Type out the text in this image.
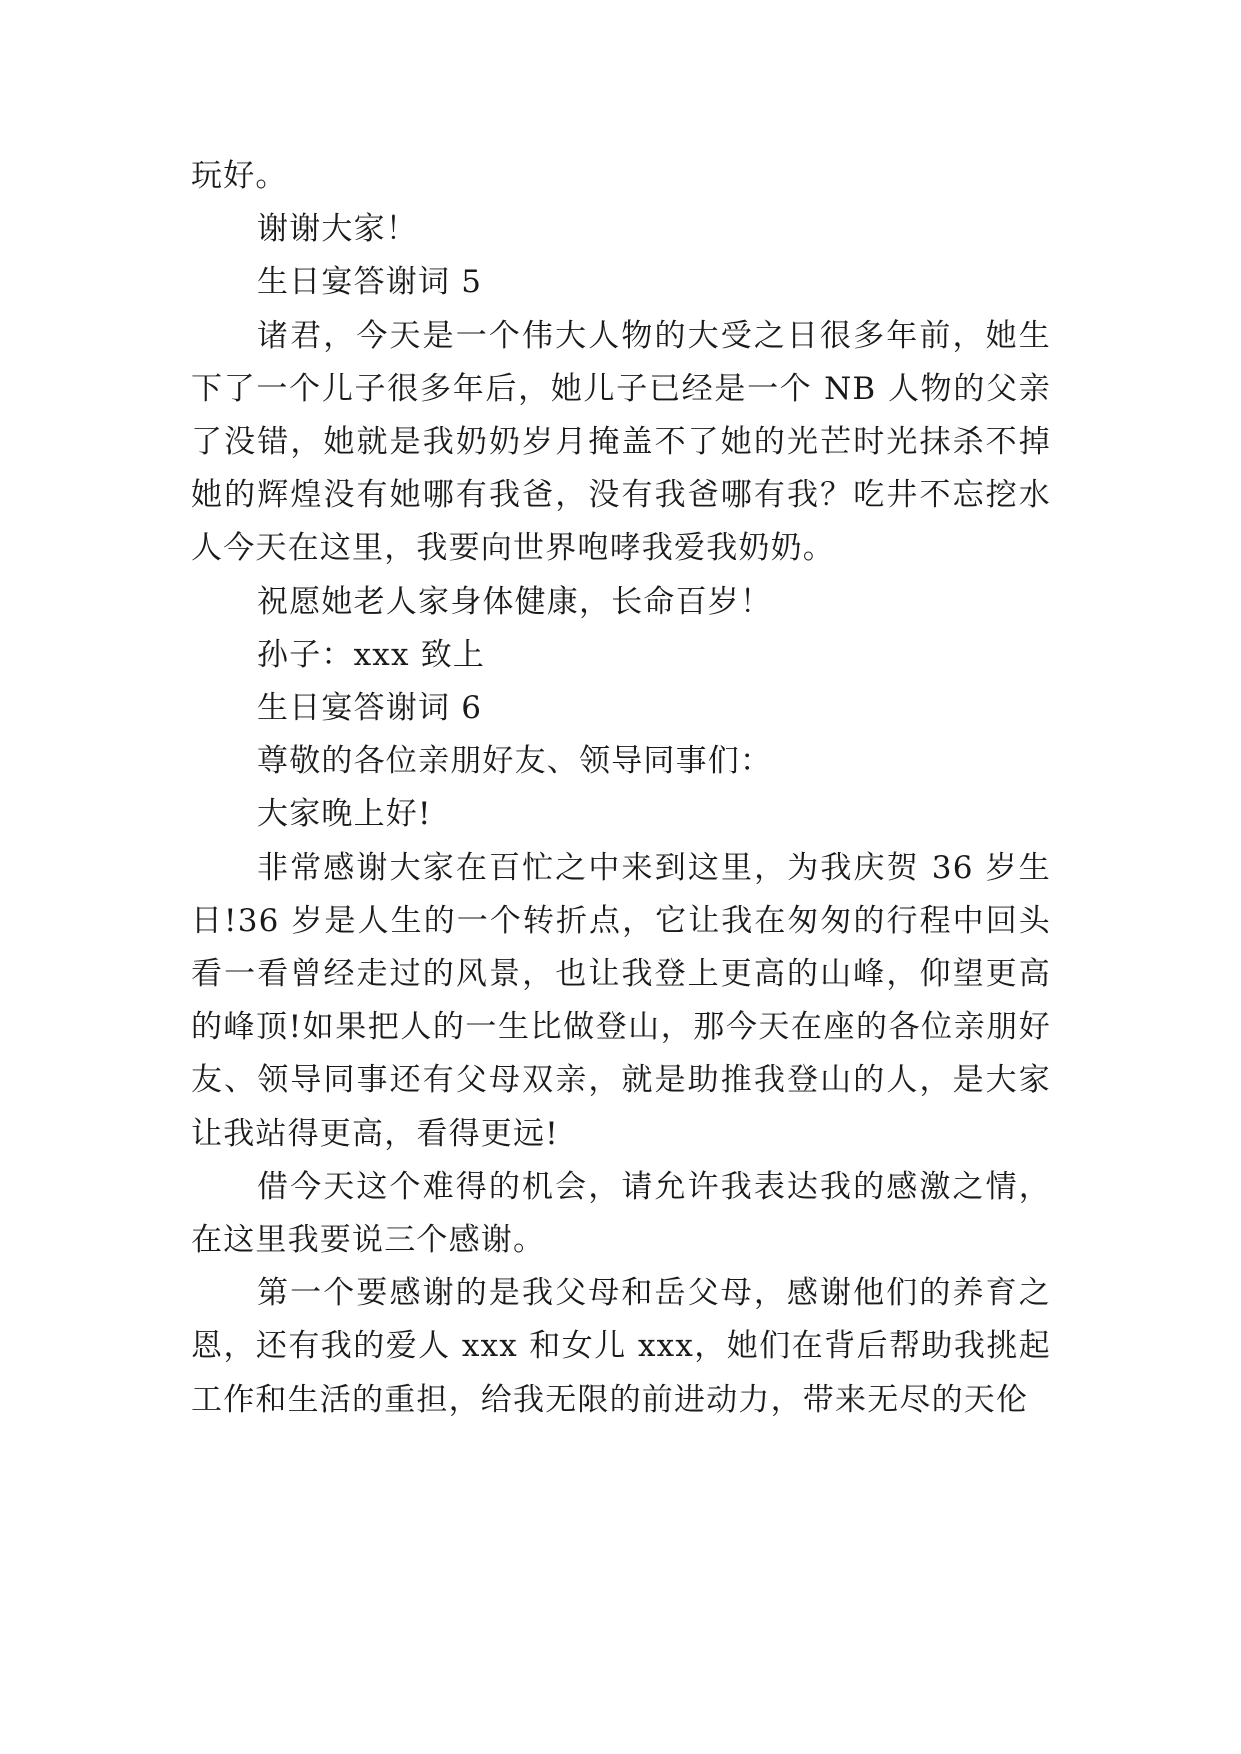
玩好。

谢谢大家！

生日宴答谢词 5

诸君，今天是一个伟大人物的大受之日很多年前，她生下了一个儿子很多年后，她儿子已经是一个 NB 人物的父亲了没错，她就是我奶奶岁月掩盖不了她的光芒时光抹杀不掉她的辉煌没有她哪有我爸，没有我爸哪有我？吃井不忘挖水人今天在这里，我要向世界咆哮我爱我奶奶。

祝愿她老人家身体健康，长命百岁！

孙子：xxx 致上

生日宴答谢词 6

尊敬的各位亲朋好友、领导同事们：

大家晚上好!

非常感谢大家在百忙之中来到这里，为我庆贺 36 岁生日!36 岁是人生的一个转折点，它让我在匆匆的行程中回头看一看曾经走过的风景，也让我登上更高的山峰，仰望更高的峰顶!如果把人的一生比做登山，那今天在座的各位亲朋好友、领导同事还有父母双亲，就是助推我登山的人，是大家让我站得更高，看得更远!

借今天这个难得的机会，请允许我表达我的感激之情，在这里我要说三个感谢。

第一个要感谢的是我父母和岳父母，感谢他们的养育之恩，还有我的爱人 xxx 和女儿 xxx，她们在背后帮助我挑起工作和生活的重担，给我无限的前进动力，带来无尽的天伦
